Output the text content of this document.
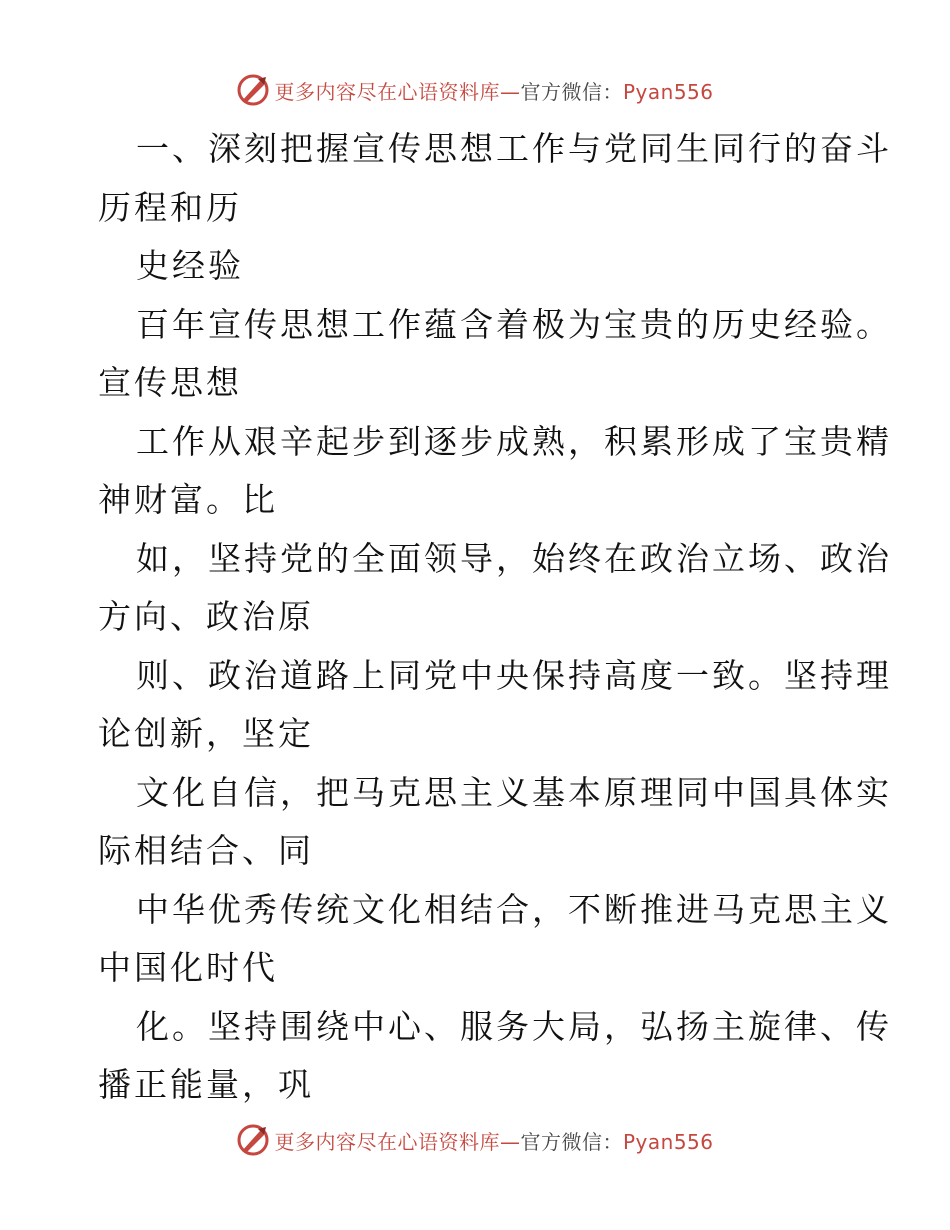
更多内容尽在心语资料库—官方微信：Pyan556
一、深刻把握宣传思想工作与党同生同行的奋斗
历程和历
史经验
百年宣传思想工作蕴含着极为宝贵的历史经验。
宣传思想
工作从艰辛起步到逐步成熟，积累形成了宝贵精
神财富。比
如，坚持党的全面领导，始终在政治立场、政治
方向、政治原
则、政治道路上同党中央保持高度一致。坚持理
论创新，坚定
文化自信，把马克思主义基本原理同中国具体实
际相结合、同
中华优秀传统文化相结合，不断推进马克思主义
中国化时代
化。坚持围绕中心、服务大局，弘扬主旋律、传
播正能量，巩
更多内容尽在心语资料库—官方微信：Pyan556
